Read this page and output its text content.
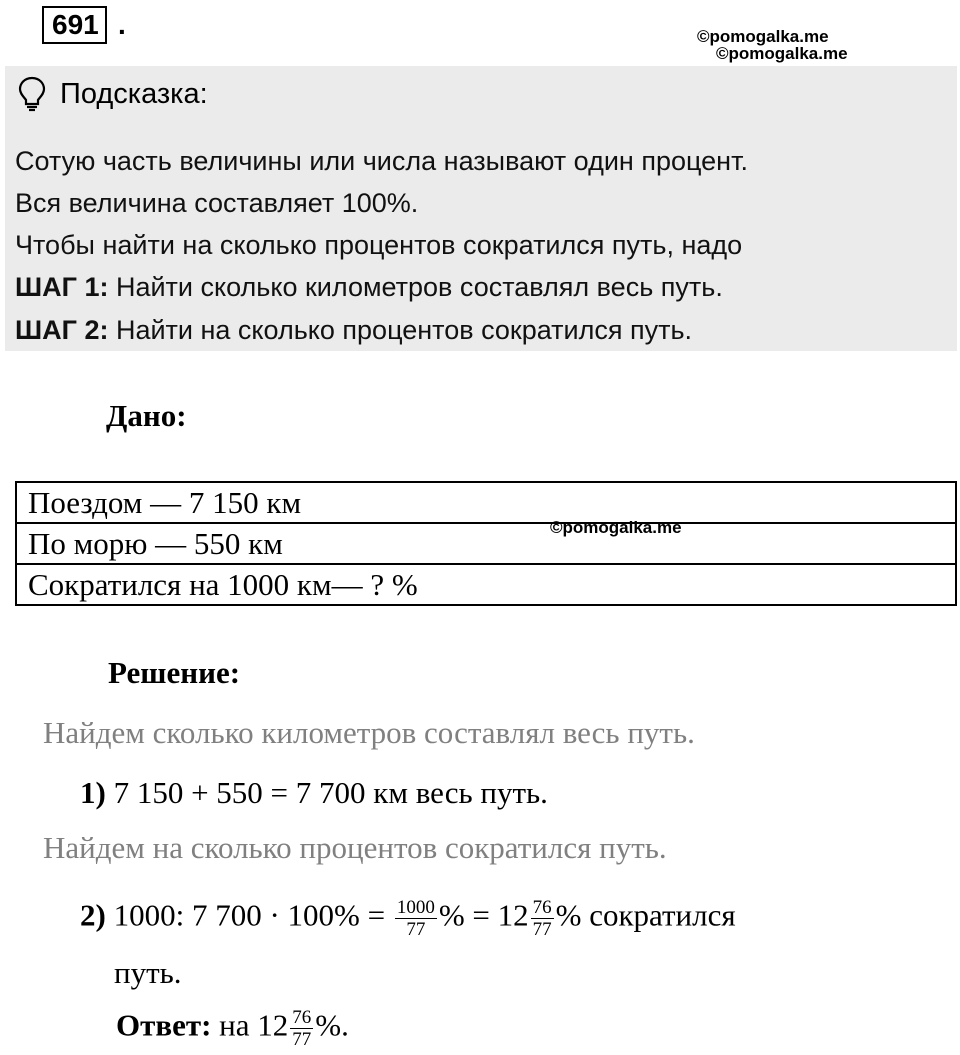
691 .	©pomogalka.me
©pomogalka.me
Подсказка:
Сотую часть величины или числа называют один процент.
Вся величина составляет 100%.
Чтобы найти на сколько процентов сократился путь, надо
ШАГ 1: Найти сколько километров составлял весь путь.
ШАГ 2: Найти на сколько процентов сократился путь.
Дано:
Поездом — 7 150 км
По морю — 550 км
Сократился на 1000 км— ? %
©pomogalka.me
Решение:
Найдем сколько километров составлял весь путь.
1) 7 150 + 550 = 7 700 км весь путь.
Найдем на сколько процентов сократился путь.
2) 1000: 7 $700 \cdot 100\% = \frac{1000}{77}$ % = $12 \frac{76}{77}$ % сократился
путь.
Ответ: на $12 \frac{76}{77}$ %.
